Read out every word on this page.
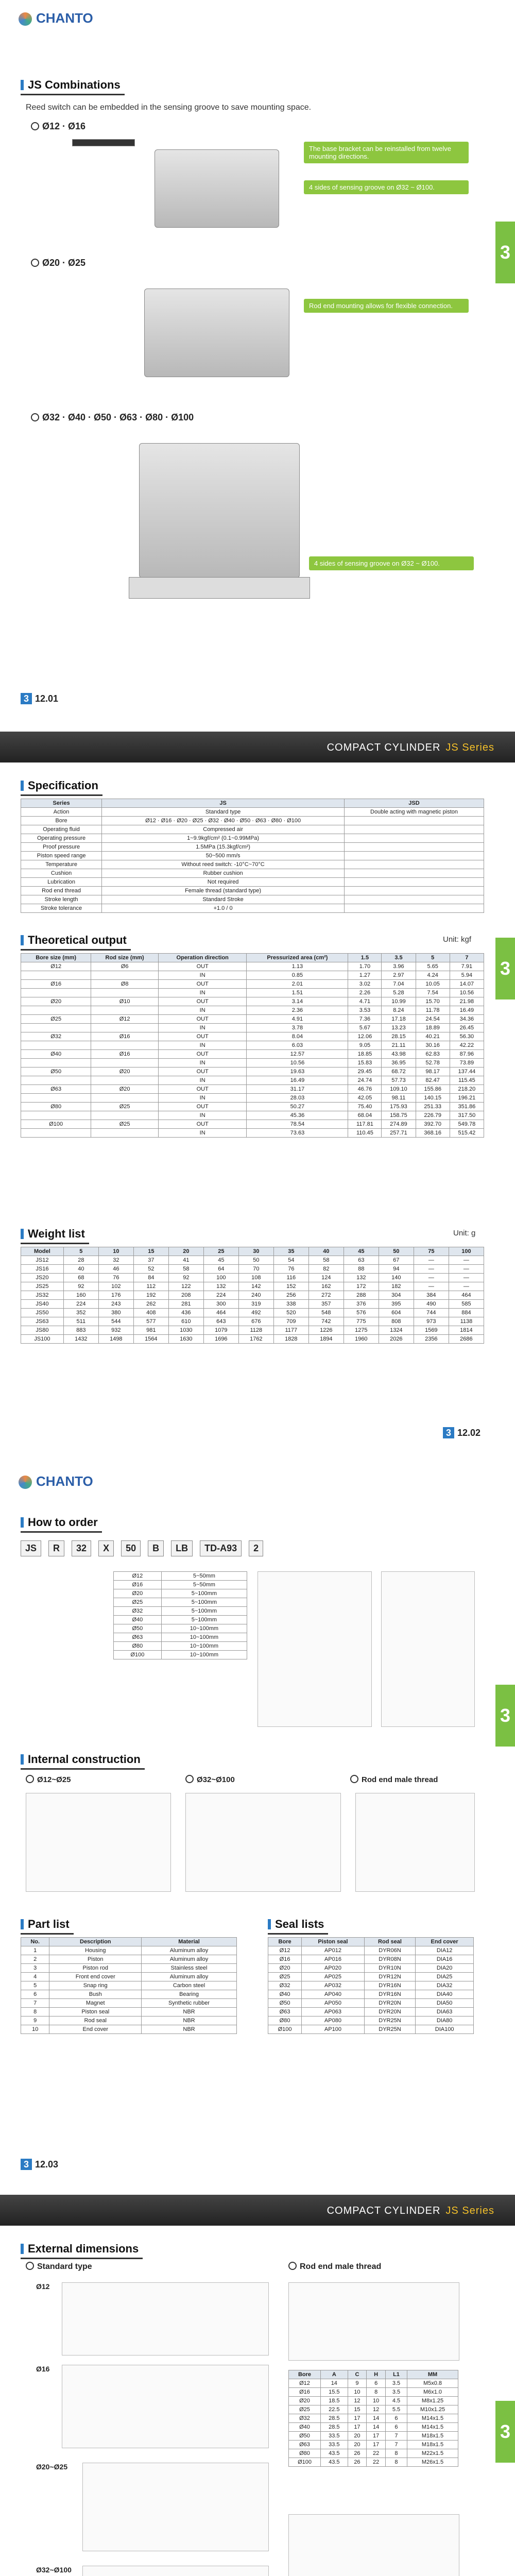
CHANTO
3
JS Combinations
Reed switch can be embedded in the sensing groove to save mounting space.
Ø12 · Ø16
The base bracket can be reinstalled from twelve mounting directions.
4 sides of sensing groove on Ø32 ~ Ø100.
Ø20 · Ø25
Rod end mounting allows for flexible connection.
Ø32 · Ø40 · Ø50 · Ø63 · Ø80 · Ø100
4 sides of sensing groove on Ø32 ~ Ø100.
3 12.01
COMPACT CYLINDER JS Series
3
Specification
Series	JS	JSD
Action	Standard type	Double acting with magnetic piston
Bore	Ø12 · Ø16 · Ø20 · Ø25 · Ø32 · Ø40 · Ø50 · Ø63 · Ø80 · Ø100	
Operating fluid	Compressed air	
Operating pressure	1~9.9kgf/cm² (0.1~0.99MPa)	
Proof pressure	1.5MPa (15.3kgf/cm²)	
Piston speed range	50~500 mm/s	
Temperature	Without reed switch: -10°C~70°C	
Cushion	Rubber cushion	
Lubrication	Not required	
Rod end thread	Female thread (standard type)	
Stroke length	Standard Stroke	
Stroke tolerance	+1.0 / 0	
Theoretical output	Unit: kgf
Bore size (mm)	Rod size (mm)	Operation direction	Pressurized area (cm²)	1.5	3.5	5	7
Ø12	Ø6	OUT	1.13	1.70	3.96	5.65	7.91
		IN	0.85	1.27	2.97	4.24	5.94
Ø16	Ø8	OUT	2.01	3.02	7.04	10.05	14.07
		IN	1.51	2.26	5.28	7.54	10.56
Ø20	Ø10	OUT	3.14	4.71	10.99	15.70	21.98
		IN	2.36	3.53	8.24	11.78	16.49
Ø25	Ø12	OUT	4.91	7.36	17.18	24.54	34.36
		IN	3.78	5.67	13.23	18.89	26.45
Ø32	Ø16	OUT	8.04	12.06	28.15	40.21	56.30
		IN	6.03	9.05	21.11	30.16	42.22
Ø40	Ø16	OUT	12.57	18.85	43.98	62.83	87.96
		IN	10.56	15.83	36.95	52.78	73.89
Ø50	Ø20	OUT	19.63	29.45	68.72	98.17	137.44
		IN	16.49	24.74	57.73	82.47	115.45
Ø63	Ø20	OUT	31.17	46.76	109.10	155.86	218.20
		IN	28.03	42.05	98.11	140.15	196.21
Ø80	Ø25	OUT	50.27	75.40	175.93	251.33	351.86
		IN	45.36	68.04	158.75	226.79	317.50
Ø100	Ø25	OUT	78.54	117.81	274.89	392.70	549.78
		IN	73.63	110.45	257.71	368.16	515.42
Weight list	Unit: g
Model	5	10	15	20	25	30	35	40	45	50	75	100
JS12	28	32	37	41	45	50	54	58	63	67	—	—
JS16	40	46	52	58	64	70	76	82	88	94	—	—
JS20	68	76	84	92	100	108	116	124	132	140	—	—
JS25	92	102	112	122	132	142	152	162	172	182	—	—
JS32	160	176	192	208	224	240	256	272	288	304	384	464
JS40	224	243	262	281	300	319	338	357	376	395	490	585
JS50	352	380	408	436	464	492	520	548	576	604	744	884
JS63	511	544	577	610	643	676	709	742	775	808	973	1138
JS80	883	932	981	1030	1079	1128	1177	1226	1275	1324	1569	1814
JS100	1432	1498	1564	1630	1696	1762	1828	1894	1960	2026	2356	2686
3 12.02
CHANTO
3
How to order
JS	R	32	X	50	B	LB	TD-A93	2
Ø12	5~50mm
Ø16	5~50mm
Ø20	5~100mm
Ø25	5~100mm
Ø32	5~100mm
Ø40	5~100mm
Ø50	10~100mm
Ø63	10~100mm
Ø80	10~100mm
Ø100	10~100mm
Internal construction
Ø12~Ø25	Ø32~Ø100	Rod end male thread
Part list
No.	Description	Material
1	Housing	Aluminum alloy
2	Piston	Aluminum alloy
3	Piston rod	Stainless steel
4	Front end cover	Aluminum alloy
5	Snap ring	Carbon steel
6	Bush	Bearing
7	Magnet	Synthetic rubber
8	Piston seal	NBR
9	Rod seal	NBR
10	End cover	NBR
Seal lists
Bore	Piston seal	Rod seal	End cover
Ø12	AP012	DYR06N	DIA12
Ø16	AP016	DYR08N	DIA16
Ø20	AP020	DYR10N	DIA20
Ø25	AP025	DYR12N	DIA25
Ø32	AP032	DYR16N	DIA32
Ø40	AP040	DYR16N	DIA40
Ø50	AP050	DYR20N	DIA50
Ø63	AP063	DYR20N	DIA63
Ø80	AP080	DYR25N	DIA80
Ø100	AP100	DYR25N	DIA100
3 12.03
COMPACT CYLINDER JS Series
3
External dimensions
Standard type	Rod end male thread
Ø12
Ø16
Ø20~Ø25
Ø32~Ø100
Bore	A	C	H	L1	MM
Ø12	14	9	6	3.5	M5x0.8
Ø16	15.5	10	8	3.5	M6x1.0
Ø20	18.5	12	10	4.5	M8x1.25
Ø25	22.5	15	12	5.5	M10x1.25
Ø32	28.5	17	14	6	M14x1.5
Ø40	28.5	17	14	6	M14x1.5
Ø50	33.5	20	17	7	M18x1.5
Ø63	33.5	20	17	7	M18x1.5
Ø80	43.5	26	22	8	M22x1.5
Ø100	43.5	26	22	8	M26x1.5
